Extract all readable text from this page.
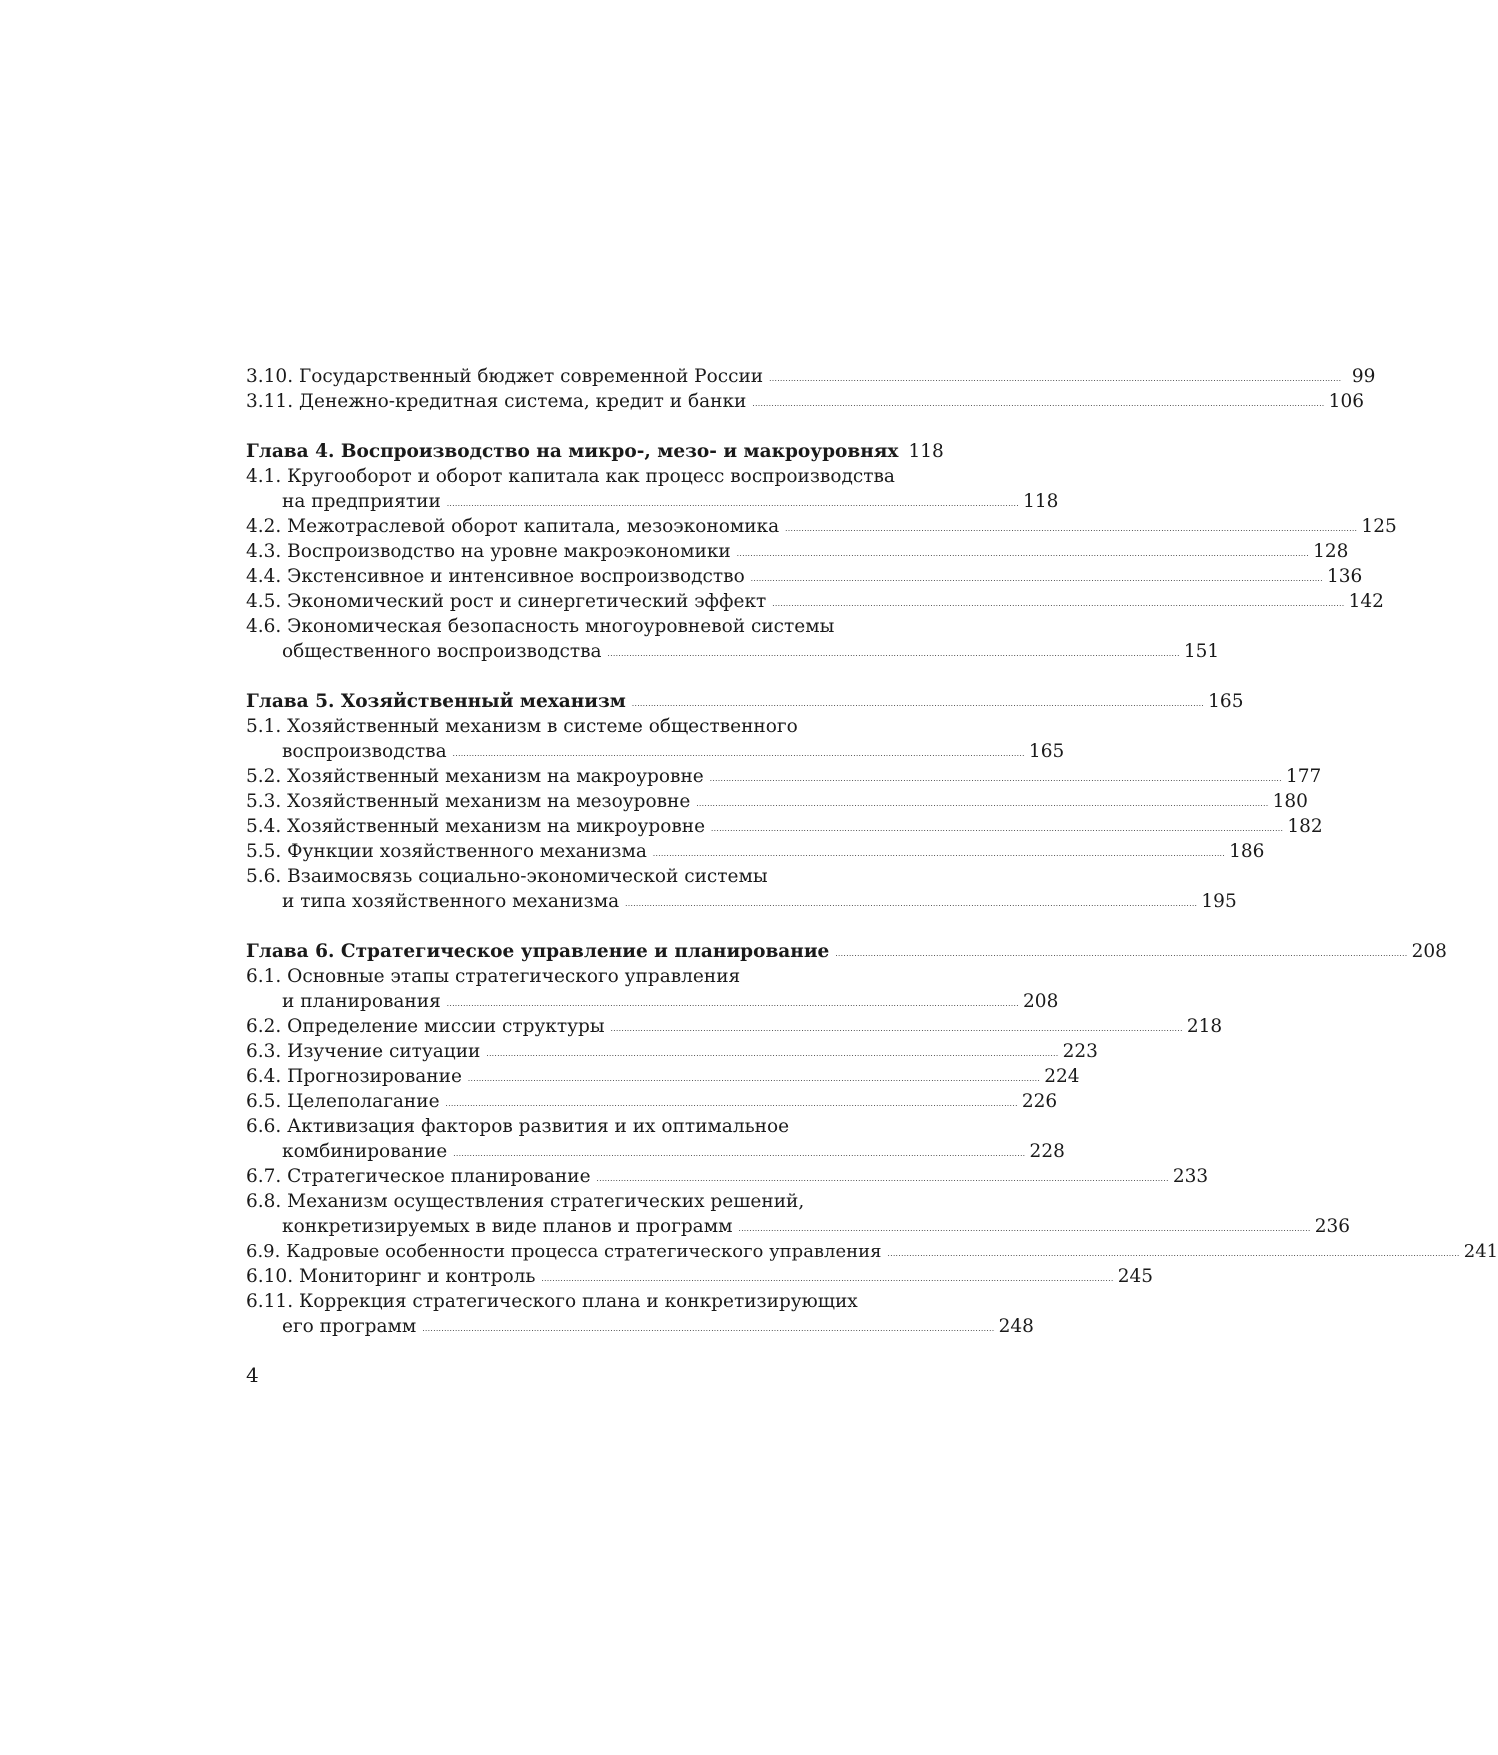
3.10. Государственный бюджет современной России .................................................................................................................................................................................................................. 99
3.11. Денежно-кредитная система, кредит и банки .................................................................................................................................................................................................................. 106
Глава 4. Воспроизводство на микро-, мезо- и макроуровнях 118
4.1. Кругооборот и оборот капитала как процесс воспроизводства
на предприятии .................................................................................................................................................................................................................. 118
4.2. Межотраслевой оборот капитала, мезоэкономика .................................................................................................................................................................................................................. 125
4.3. Воспроизводство на уровне макроэкономики .................................................................................................................................................................................................................. 128
4.4. Экстенсивное и интенсивное воспроизводство .................................................................................................................................................................................................................. 136
4.5. Экономический рост и синергетический эффект .................................................................................................................................................................................................................. 142
4.6. Экономическая безопасность многоуровневой системы
общественного воспроизводства .................................................................................................................................................................................................................. 151
Глава 5. Хозяйственный механизм .................................................................................................................................................................................................................. 165
5.1. Хозяйственный механизм в системе общественного
воспроизводства .................................................................................................................................................................................................................. 165
5.2. Хозяйственный механизм на макроуровне .................................................................................................................................................................................................................. 177
5.3. Хозяйственный механизм на мезоуровне .................................................................................................................................................................................................................. 180
5.4. Хозяйственный механизм на микроуровне .................................................................................................................................................................................................................. 182
5.5. Функции хозяйственного механизма .................................................................................................................................................................................................................. 186
5.6. Взаимосвязь социально-экономической системы
и типа хозяйственного механизма .................................................................................................................................................................................................................. 195
Глава 6. Стратегическое управление и планирование .................................................................................................................................................................................................................. 208
6.1. Основные этапы стратегического управления
и планирования .................................................................................................................................................................................................................. 208
6.2. Определение миссии структуры .................................................................................................................................................................................................................. 218
6.3. Изучение ситуации .................................................................................................................................................................................................................. 223
6.4. Прогнозирование .................................................................................................................................................................................................................. 224
6.5. Целеполагание .................................................................................................................................................................................................................. 226
6.6. Активизация факторов развития и их оптимальное
комбинирование .................................................................................................................................................................................................................. 228
6.7. Стратегическое планирование .................................................................................................................................................................................................................. 233
6.8. Механизм осуществления стратегических решений,
конкретизируемых в виде планов и программ .................................................................................................................................................................................................................. 236
6.9. Кадровые особенности процесса стратегического управления .................................................................................................................................................................................................................. 241
6.10. Мониторинг и контроль .................................................................................................................................................................................................................. 245
6.11. Коррекция стратегического плана и конкретизирующих
его программ .................................................................................................................................................................................................................. 248
4
